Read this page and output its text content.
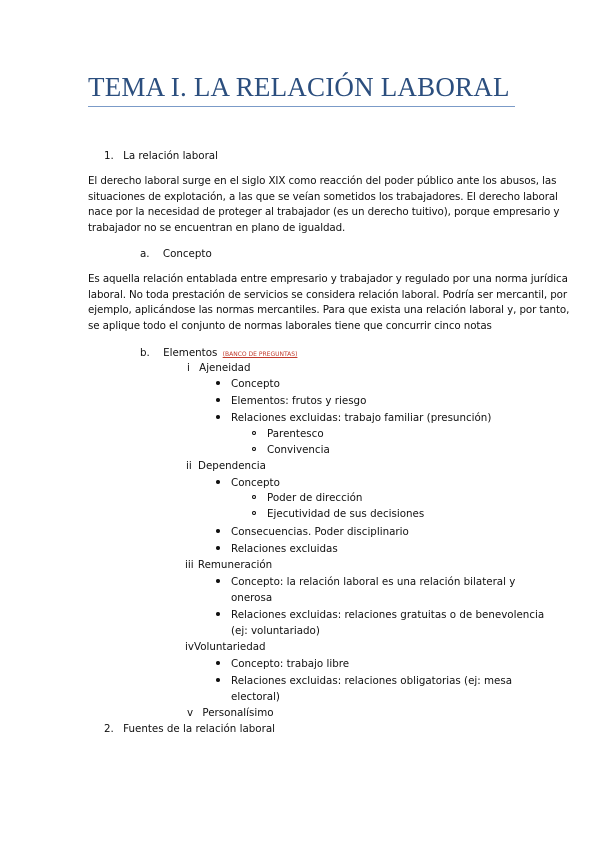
TEMA I. LA RELACIÓN LABORAL
1. La relación laboral
El derecho laboral surge en el siglo XIX como reacción del poder público ante los abusos, las
situaciones de explotación, a las que se veían sometidos los trabajadores. El derecho laboral
nace por la necesidad de proteger al trabajador (es un derecho tuitivo), porque empresario y
trabajador no se encuentran en plano de igualdad.
a. Concepto
Es aquella relación entablada entre empresario y trabajador y regulado por una norma jurídica
laboral. No toda prestación de servicios se considera relación laboral. Podría ser mercantil, por
ejemplo, aplicándose las normas mercantiles. Para que exista una relación laboral y, por tanto,
se aplique todo el conjunto de normas laborales tiene que concurrir cinco notas
b. Elementos (BANCO DE PREGUNTAS)
i Ajeneidad
Concepto
Elementos: frutos y riesgo
Relaciones excluidas: trabajo familiar (presunción)
Parentesco
Convivencia
ii Dependencia
Concepto
Poder de dirección
Ejecutividad de sus decisiones
Consecuencias. Poder disciplinario
Relaciones excluidas
iii Remuneración
Concepto: la relación laboral es una relación bilateral y
onerosa
Relaciones excluidas: relaciones gratuitas o de benevolencia
(ej: voluntariado)
ivVoluntariedad
Concepto: trabajo libre
Relaciones excluidas: relaciones obligatorias (ej: mesa
electoral)
v Personalísimo
2. Fuentes de la relación laboral
